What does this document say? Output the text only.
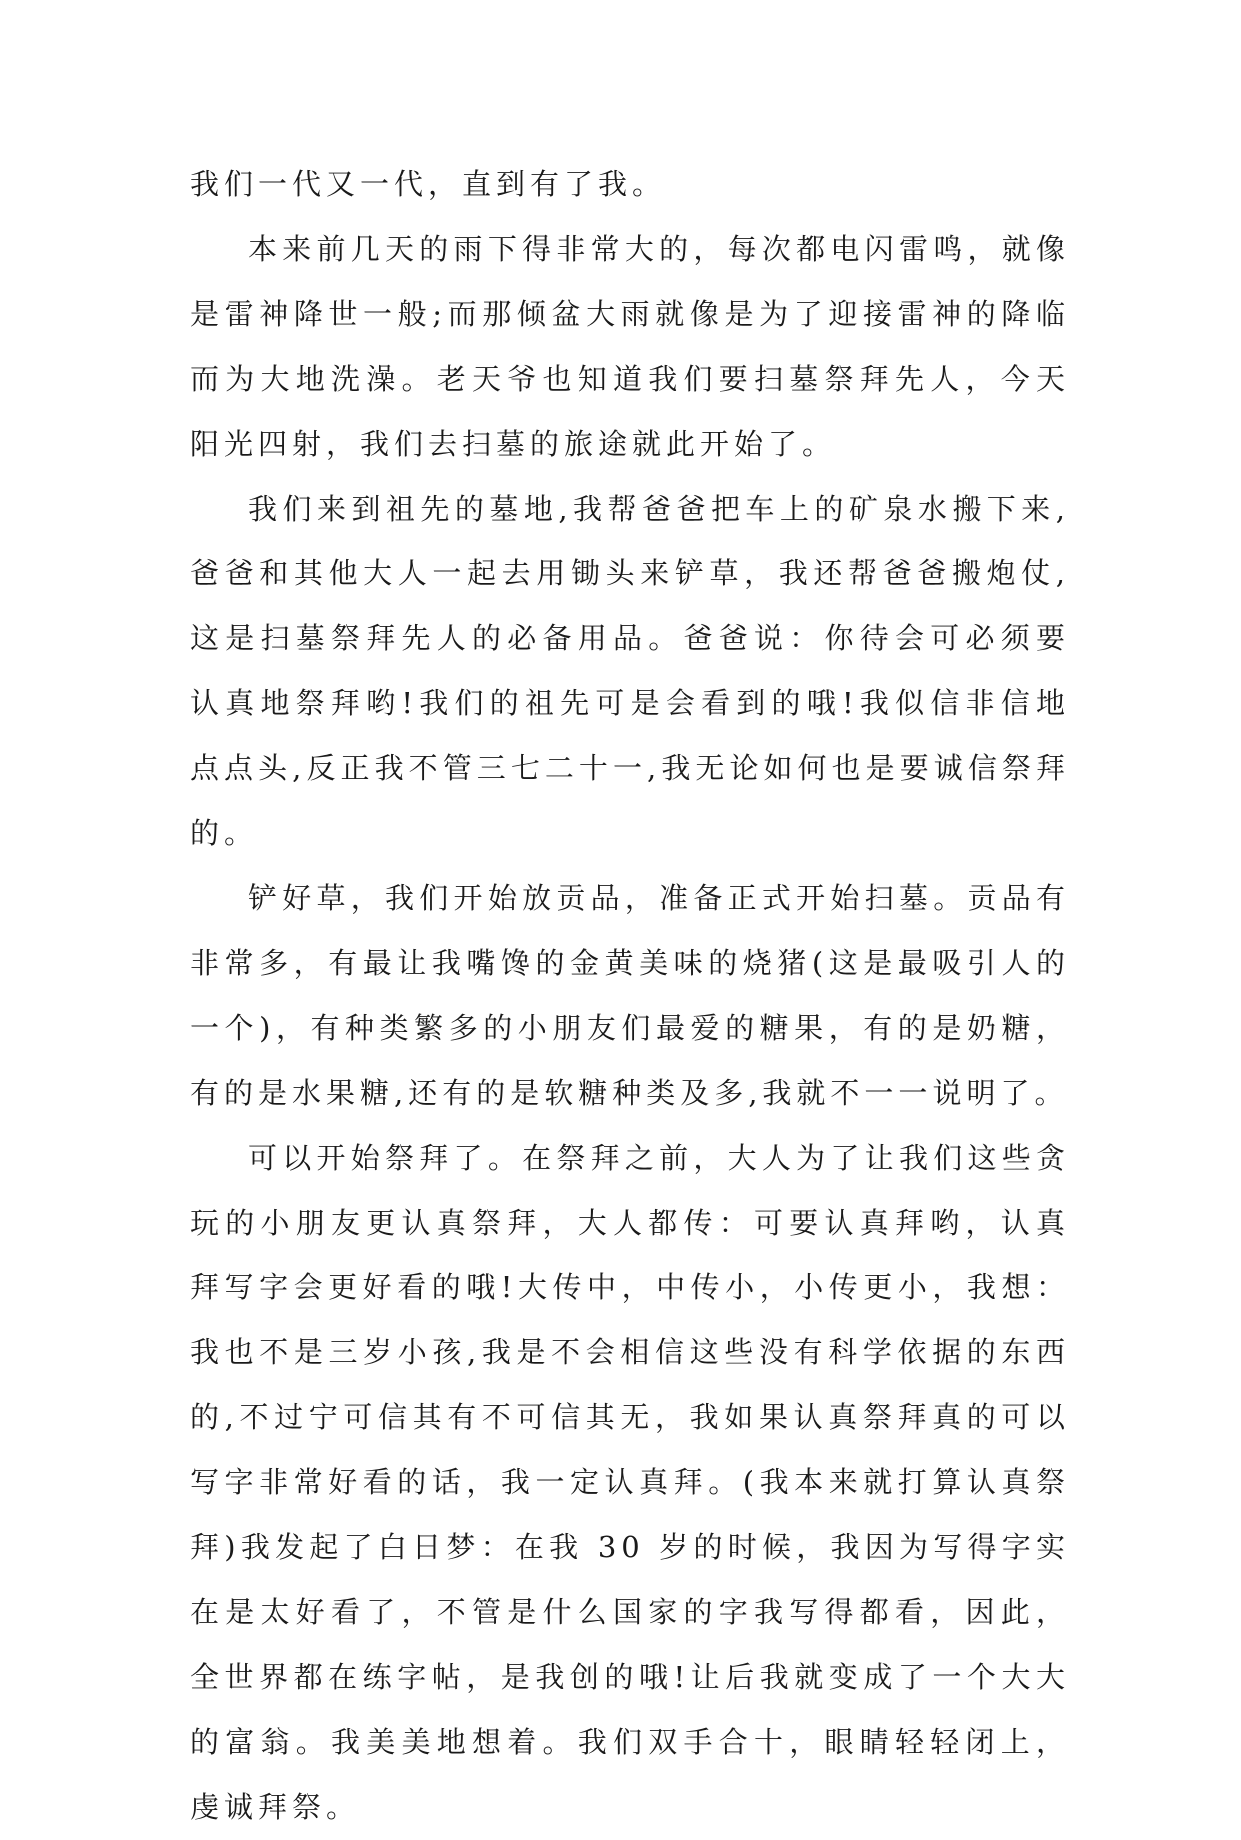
我们一代又一代，直到有了我。

本来前几天的雨下得非常大的，每次都电闪雷鸣，就像是雷神降世一般;而那倾盆大雨就像是为了迎接雷神的降临而为大地洗澡。老天爷也知道我们要扫墓祭拜先人，今天阳光四射，我们去扫墓的旅途就此开始了。

我们来到祖先的墓地,我帮爸爸把车上的矿泉水搬下来,爸爸和其他大人一起去用锄头来铲草，我还帮爸爸搬炮仗,这是扫墓祭拜先人的必备用品。爸爸说：你待会可必须要认真地祭拜哟!我们的祖先可是会看到的哦!我似信非信地点点头,反正我不管三七二十一,我无论如何也是要诚信祭拜的。

铲好草，我们开始放贡品，准备正式开始扫墓。贡品有非常多，有最让我嘴馋的金黄美味的烧猪(这是最吸引人的一个)，有种类繁多的小朋友们最爱的糖果，有的是奶糖，有的是水果糖,还有的是软糖种类及多,我就不一一说明了。

可以开始祭拜了。在祭拜之前，大人为了让我们这些贪玩的小朋友更认真祭拜，大人都传：可要认真拜哟，认真拜写字会更好看的哦!大传中，中传小，小传更小，我想：我也不是三岁小孩,我是不会相信这些没有科学依据的东西的,不过宁可信其有不可信其无，我如果认真祭拜真的可以写字非常好看的话，我一定认真拜。(我本来就打算认真祭拜)我发起了白日梦：在我 30 岁的时候，我因为写得字实在是太好看了，不管是什么国家的字我写得都看，因此，全世界都在练字帖，是我创的哦!让后我就变成了一个大大的富翁。我美美地想着。我们双手合十，眼睛轻轻闭上，虔诚拜祭。
